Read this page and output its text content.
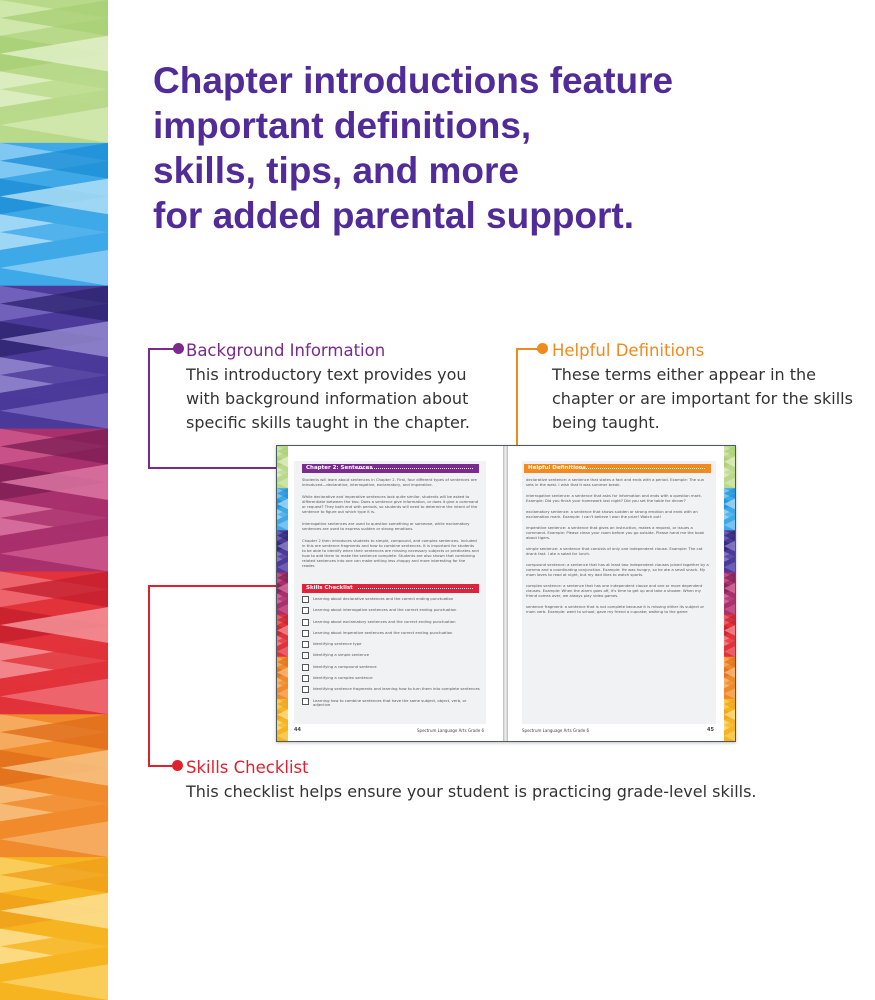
Chapter introductions feature
important definitions,
skills, tips, and more
for added parental support.
Background Information
This introductory text provides you
with background information about
specific skills taught in the chapter.
Helpful Definitions
These terms either appear in the
chapter or are important for the skills
being taught.
Skills Checklist
This checklist helps ensure your student is practicing grade-level skills.
Chapter 2: Sentences

Students will learn about sentences in Chapter 2. First, four different types of sentences are introduced—declarative, interrogative, exclamatory, and imperative.

While declarative and imperative sentences look quite similar, students will be asked to differentiate between the two. Does a sentence give information, or does it give a command or request? They both end with periods, so students will need to determine the intent of the sentence to figure out which type it is.

Interrogative sentences are used to question something or someone, while exclamatory sentences are used to express sudden or strong emotions.

Chapter 2 then introduces students to simple, compound, and complex sentences. Included in this are sentence fragments and how to combine sentences. It is important for students to be able to identify when their sentences are missing necessary subjects or predicates and how to add them to make the sentence complete. Students are also shown that combining related sentences into one can make writing less choppy and more interesting for the reader.

Skills Checklist
Learning about declarative sentences and the correct ending punctuation
Learning about interrogative sentences and the correct ending punctuation
Learning about exclamatory sentences and the correct ending punctuation
Learning about imperative sentences and the correct ending punctuation
Identifying sentence type
Identifying a simple sentence
Identifying a compound sentence
Identifying a complex sentence
Identifying sentence fragments and learning how to turn them into complete sentences
Learning how to combine sentences that have the same subject, object, verb, or adjective
44	Spectrum Language Arts Grade 6
Helpful Definitions

declarative sentence: a sentence that states a fact and ends with a period. Example: The sun sets in the west. I wish that it was summer break.

interrogative sentence: a sentence that asks for information and ends with a question mark. Example: Did you finish your homework last night? Did you set the table for dinner?

exclamatory sentence: a sentence that shows sudden or strong emotion and ends with an exclamation mark. Example: I can't believe I won the prize! Watch out!

imperative sentence: a sentence that gives an instruction, makes a request, or issues a command. Example: Please clean your room before you go outside. Please hand me the book about tigers.

simple sentence: a sentence that consists of only one independent clause. Example: The cat drank fast. I ate a salad for lunch.

compound sentence: a sentence that has at least two independent clauses joined together by a comma and a coordinating conjunction. Example: He was hungry, so he ate a small snack. My mom loves to read at night, but my dad likes to watch sports.

complex sentence: a sentence that has one independent clause and one or more dependent clauses. Example: When the alarm goes off, it's time to get up and take a shower. When my friend comes over, we always play video games.

sentence fragment: a sentence that is not complete because it is missing either its subject or main verb. Example: went to school; gave my friend a cupcake; walking to the game

Spectrum Language Arts Grade 6	45
